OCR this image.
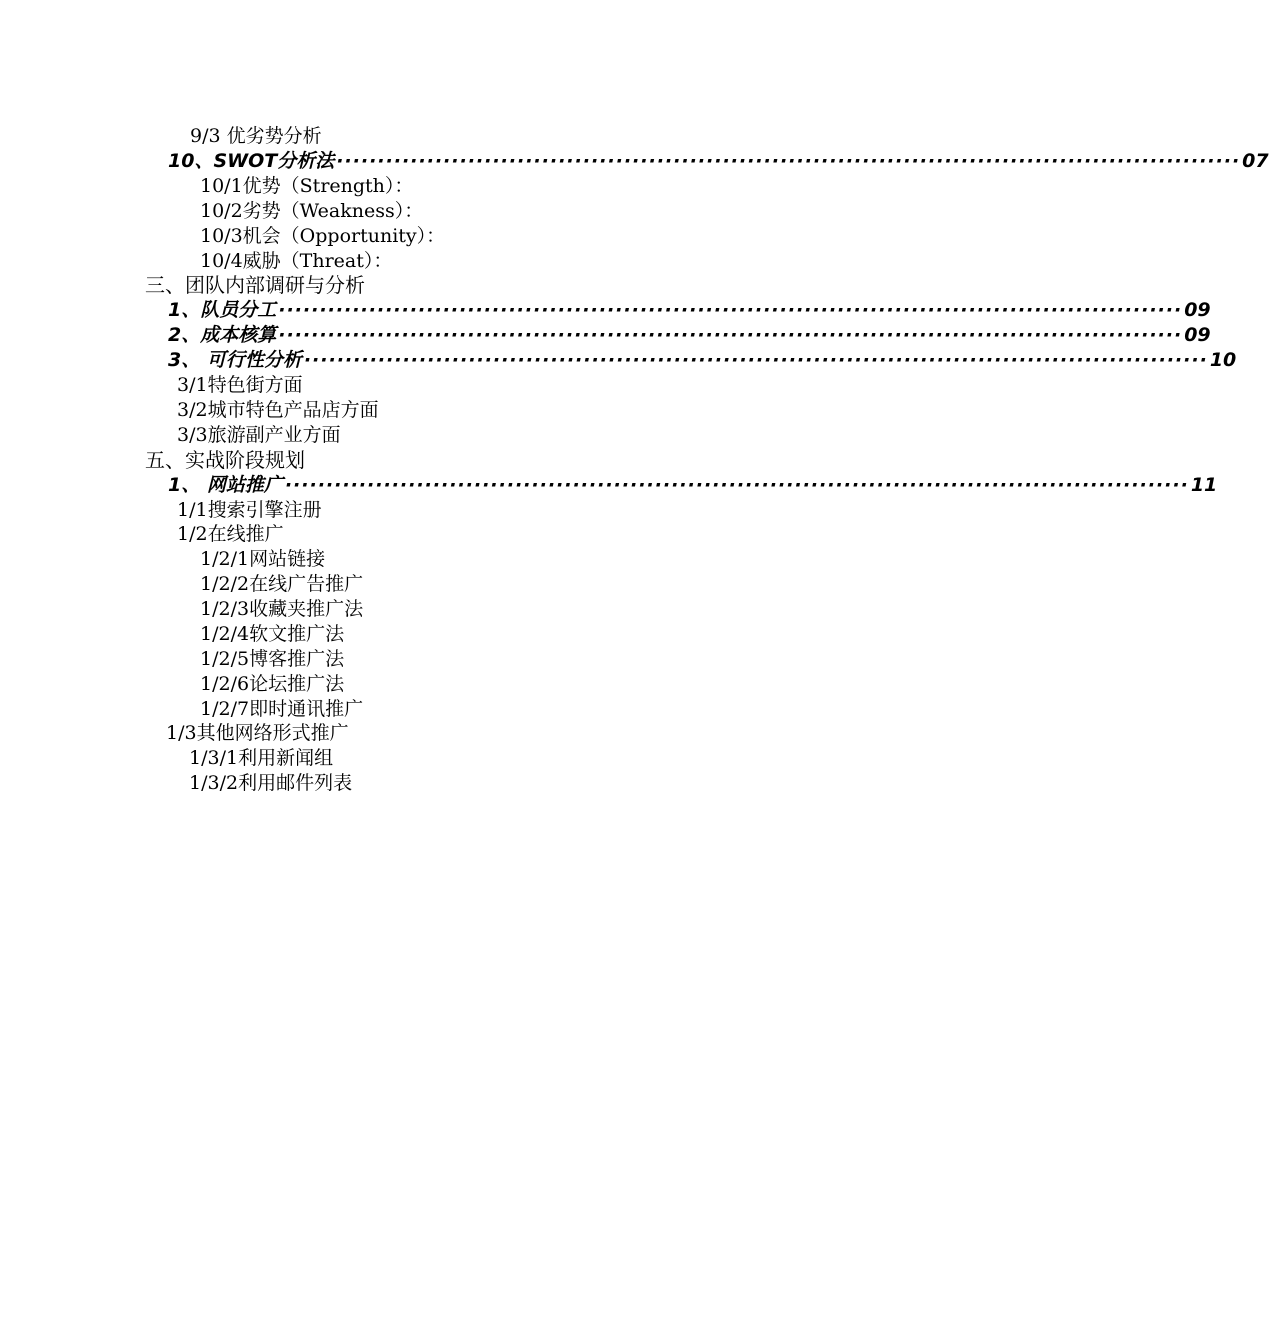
9/3 优劣势分析
10、SWOT分析法 ·············································································································· 07
10/1优势（Strength）：
10/2劣势（Weakness）：
10/3机会（Opportunity）：
10/4威胁（Threat）：
三、团队内部调研与分析
1、队员分工 ·············································································································· 09
2、成本核算 ·············································································································· 09
3、 可行性分析 ·············································································································· 10
3/1特色街方面
3/2城市特色产品店方面
3/3旅游副产业方面
五、实战阶段规划
1、 网站推广 ·············································································································· 11
1/1搜索引擎注册
1/2在线推广
1/2/1网站链接
1/2/2在线广告推广
1/2/3收藏夹推广法
1/2/4软文推广法
1/2/5博客推广法
1/2/6论坛推广法
1/2/7即时通讯推广
1/3其他网络形式推广
1/3/1利用新闻组
1/3/2利用邮件列表
